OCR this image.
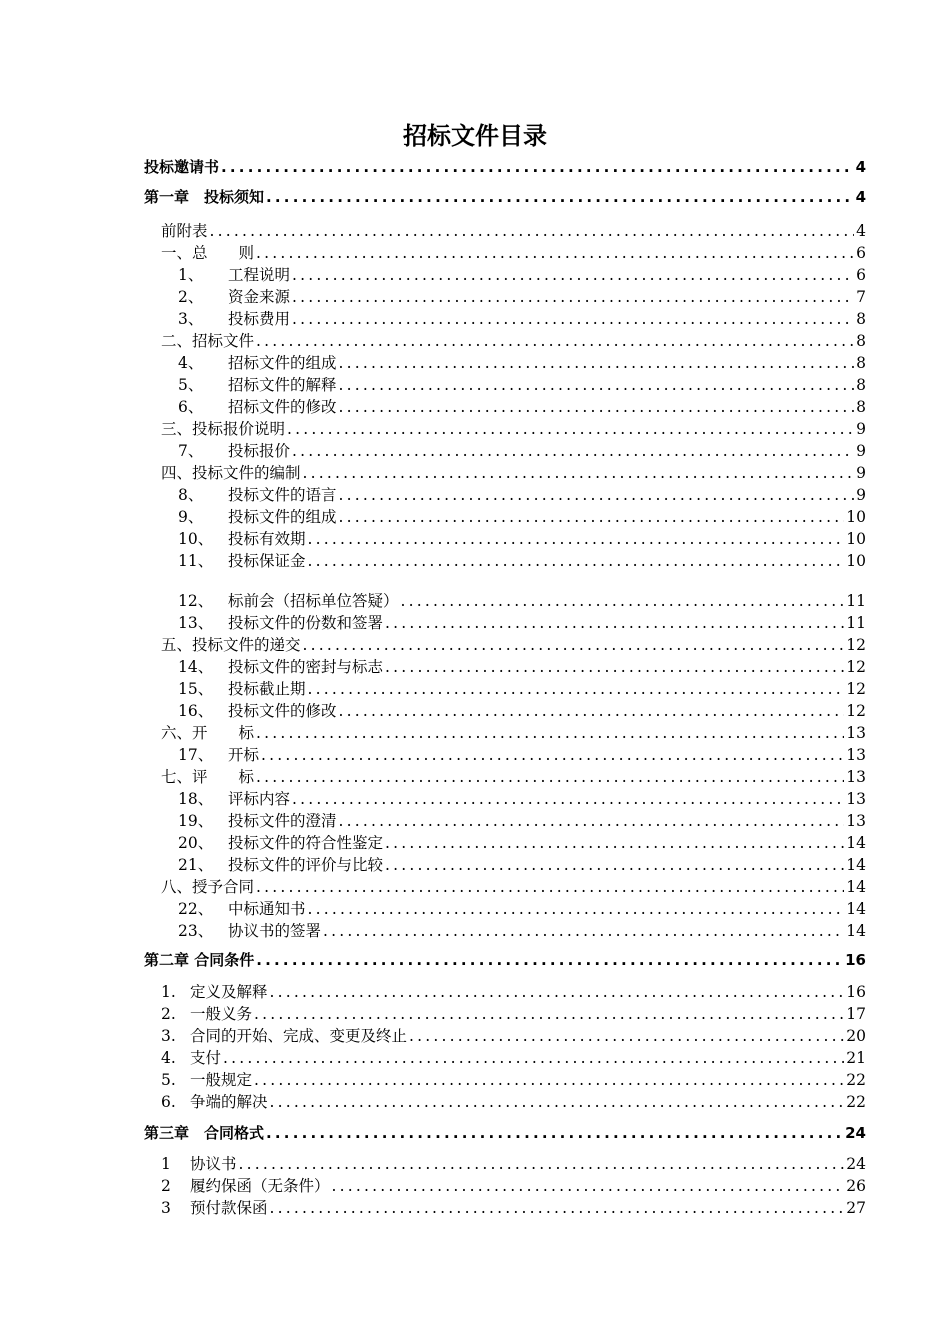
招标文件目录
投标邀请书 .....	4
第一章　投标须知 .....	4
前附表 .....	4
一、总　　则 .....	6
1、	工程说明 .....	6
2、	资金来源 .....	7
3、	投标费用 .....	8
二、招标文件 .....	8
4、	招标文件的组成 .....	8
5、	招标文件的解释 .....	8
6、	招标文件的修改 .....	8
三、投标报价说明 .....	9
7、	投标报价 .....	9
四、投标文件的编制 .....	9
8、	投标文件的语言 .....	9
9、	投标文件的组成 .....	10
10、 投标有效期 .....	10
11、 投标保证金 .....	10
12、 标前会（招标单位答疑） .....	11
13、 投标文件的份数和签署 .....	11
五、投标文件的递交 .....	12
14、 投标文件的密封与标志 .....	12
15、 投标截止期 .....	12
16、 投标文件的修改 .....	12
六、开　　标 .....	13
17、 开标 .....	13
七、评　　标 .....	13
18、 评标内容 .....	13
19、 投标文件的澄清 .....	13
20、 投标文件的符合性鉴定 .....	14
21、 投标文件的评价与比较 .....	14
八、授予合同 .....	14
22、 中标通知书 .....	14
23、 协议书的签署 .....	14
第二章 合同条件 .....	16
1. 定义及解释 .....	16
2. 一般义务 .....	17
3. 合同的开始、完成、变更及终止 .....	20
4. 支付 .....	21
5. 一般规定 .....	22
6. 争端的解决 .....	22
第三章　合同格式 .....	24
1	协议书 .....	24
2	履约保函（无条件） .....	26
3	预付款保函 .....	27
